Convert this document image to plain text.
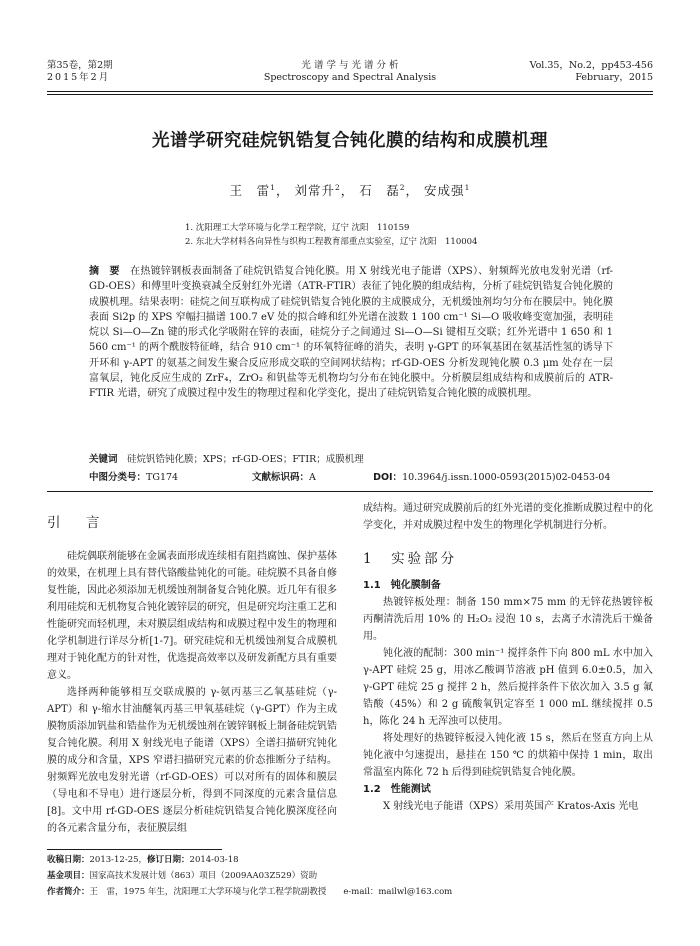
第35卷，第2期
2015年2月
光 谱 学 与 光 谱 分 析
Spectroscopy and Spectral Analysis
Vol.35，No.2，pp453-456
February，2015
光谱学研究硅烷钒锆复合钝化膜的结构和成膜机理
王　雷$^1$， 刘常升$^2$， 石　磊$^2$， 安成强$^1$
1. 沈阳理工大学环境与化学工程学院，辽宁 沈阳　110159
2. 东北大学材料各向异性与织构工程教育部重点实验室，辽宁 沈阳　110004
摘　要  在热镀锌钢板表面制备了硅烷钒锆复合钝化膜。用 X 射线光电子能谱（XPS）、射频辉光放电发射光谱（rf-GD-OES）和傅里叶变换衰减全反射红外光谱（ATR-FTIR）表征了钝化膜的组成结构，分析了硅烷钒锆复合钝化膜的成膜机理。结果表明：硅烷之间互联构成了硅烷钒锆复合钝化膜的主成膜成分，无机缓蚀剂均匀分布在膜层中。钝化膜表面 Si2p 的 XPS 窄幅扫描谱 100.7 eV 处的拟合峰和红外光谱在波数 1 100 cm⁻¹ Si—O 吸收峰变宽加强，表明硅烷以 Si—O—Zn 键的形式化学吸附在锌的表面，硅烷分子之间通过 Si—O—Si 键相互交联；红外光谱中 1 650 和 1 560 cm⁻¹ 的两个酰胺特征峰，结合 910 cm⁻¹ 的环氧特征峰的消失，表明 γ-GPT 的环氧基团在氨基活性氢的诱导下开环和 γ-APT 的氨基之间发生聚合反应形成交联的空间网状结构；rf-GD-OES 分析发现钝化膜 0.3 μm 处存在一层富氧层，钝化反应生成的 ZrF₄，ZrO₂ 和钒盐等无机物均匀分布在钝化膜中。分析膜层组成结构和成膜前后的 ATR-FTIR 光谱，研究了成膜过程中发生的物理过程和化学变化，提出了硅烷钒锆复合钝化膜的成膜机理。
关键词  硅烷钒锆钝化膜；XPS；rf-GD-OES；FTIR；成膜机理
中图分类号：TG174	文献标识码：A	DOI：10.3964/j.issn.1000-0593(2015)02-0453-04
引　言

硅烷偶联剂能够在金属表面形成连续相有阻挡腐蚀、保护基体的效果，在机理上具有替代铬酸盐钝化的可能。硅烷膜不具备自修复性能，因此必须添加无机缓蚀剂制备复合钝化膜。近几年有很多利用硅烷和无机物复合钝化镀锌层的研究，但是研究均注重工艺和性能研究而轻机理，未对膜层组成结构和成膜过程中发生的物理和化学机制进行详尽分析[1-7]。研究硅烷和无机缓蚀剂复合成膜机理对于钝化配方的针对性，优选提高效率以及研发新配方具有重要意义。

选择两种能够相互交联成膜的 γ-氨丙基三乙氧基硅烷（γ-APT）和 γ-缩水甘油醚氧丙基三甲氧基硅烷（γ-GPT）作为主成膜物质添加钒盐和锆盐作为无机缓蚀剂在镀锌钢板上制备硅烷钒锆复合钝化膜。利用 X 射线光电子能谱（XPS）全谱扫描研究钝化膜的成分和含量，XPS 窄谱扫描研究元素的价态推断分子结构。射频辉光放电发射光谱（rf-GD-OES）可以对所有的固体和膜层（导电和不导电）进行逐层分析，得到不同深度的元素含量信息[8]。文中用 rf-GD-OES 逐层分析硅烷钒锆复合钝化膜深度径向的各元素含量分布，表征膜层组

成结构。通过研究成膜前后的红外光谱的变化推断成膜过程中的化学变化，并对成膜过程中发生的物理化学机制进行分析。

1　实验部分
1.1　钝化膜制备

热镀锌板处理：制备 150 mm×75 mm 的无锌花热镀锌板丙酮清洗后用 10% 的 H₂O₂ 浸泡 10 s，去离子水清洗后干燥备用。

钝化液的配制：300 min⁻¹ 搅拌条件下向 800 mL 水中加入 γ-APT 硅烷 25 g，用冰乙酸调节溶液 pH 值到 6.0±0.5，加入 γ-GPT 硅烷 25 g 搅拌 2 h，然后搅拌条件下依次加入 3.5 g 氟锆酸（45%）和 2 g 硫酸氧钒定容至 1 000 mL 继续搅拌 0.5 h，陈化 24 h 无浑浊可以使用。

将处理好的热镀锌板浸入钝化液 15 s，然后在竖直方向上从钝化液中匀速提出，悬挂在 150 ℃ 的烘箱中保持 1 min，取出常温室内陈化 72 h 后得到硅烷钒锆复合钝化膜。

1.2　性能测试

X 射线光电子能谱（XPS）采用英国产 Kratos-Axis 光电

收稿日期：2013-12-25，修订日期：2014-03-18
基金项目：国家高技术发展计划（863）项目（2009AA03Z529）资助
作者简介：王　雷，1975 年生，沈阳理工大学环境与化学工程学院副教授　　e-mail：mailwl@163.com
